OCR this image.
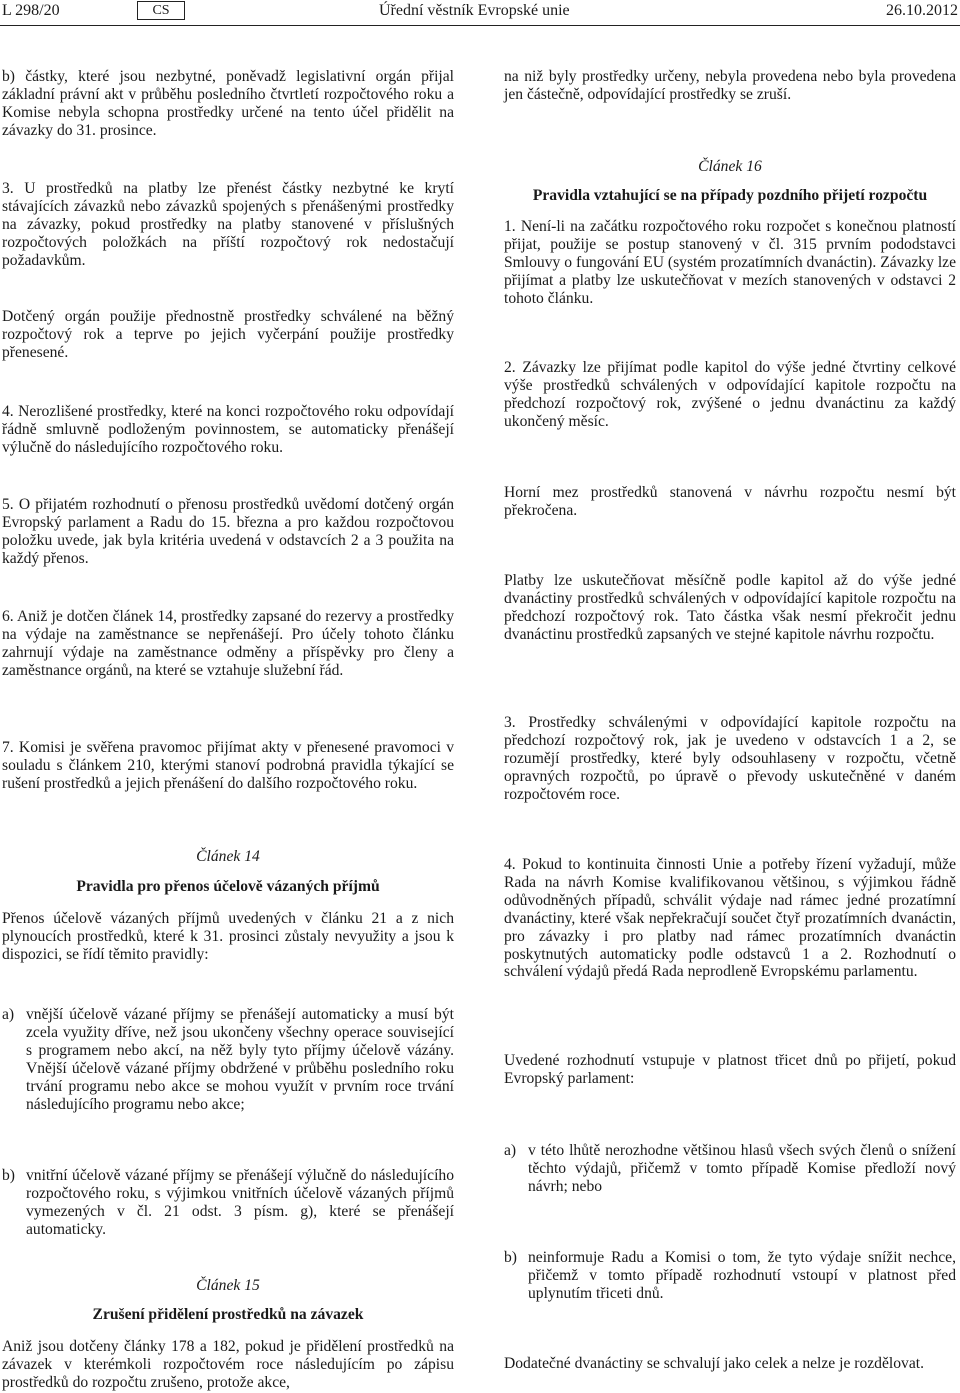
L 298/20	CS	Úřední věstník Evropské unie	26.10.2012

b) částky, které jsou nezbytné, poněvadž legislativní orgán přijal základní právní akt v průběhu posledního čtvrtletí rozpočtového roku a Komise nebyla schopna prostředky určené na tento účel přidělit na závazky do 31. prosince.

3. U prostředků na platby lze přenést částky nezbytné ke krytí stávajících závazků nebo závazků spojených s přenášenými prostředky na závazky, pokud prostředky na platby stanovené v příslušných rozpočtových položkách na příští rozpočtový rok nedostačují požadavkům.

Dotčený orgán použije přednostně prostředky schválené na běžný rozpočtový rok a teprve po jejich vyčerpání použije prostředky přenesené.

4. Nerozlišené prostředky, které na konci rozpočtového roku odpovídají řádně smluvně podloženým povinnostem, se automaticky přenášejí výlučně do následujícího rozpočtového roku.

5. O přijatém rozhodnutí o přenosu prostředků uvědomí dotčený orgán Evropský parlament a Radu do 15. března a pro každou rozpočtovou položku uvede, jak byla kritéria uvedená v odstavcích 2 a 3 použita na každý přenos.

6. Aniž je dotčen článek 14, prostředky zapsané do rezervy a prostředky na výdaje na zaměstnance se nepřenášejí. Pro účely tohoto článku zahrnují výdaje na zaměstnance odměny a příspěvky pro členy a zaměstnance orgánů, na které se vztahuje služební řád.

7. Komisi je svěřena pravomoc přijímat akty v přenesené pravomoci v souladu s článkem 210, kterými stanoví podrobná pravidla týkající se rušení prostředků a jejich přenášení do dalšího rozpočtového roku.

Článek 14
Pravidla pro přenos účelově vázaných příjmů

Přenos účelově vázaných příjmů uvedených v článku 21 a z nich plynoucích prostředků, které k 31. prosinci zůstaly nevyužity a jsou k dispozici, se řídí těmito pravidly:

a) vnější účelově vázané příjmy se přenášejí automaticky a musí být zcela využity dříve, než jsou ukončeny všechny operace související s programem nebo akcí, na něž byly tyto příjmy účelově vázány. Vnější účelově vázané příjmy obdržené v průběhu posledního roku trvání programu nebo akce se mohou využít v prvním roce trvání následujícího programu nebo akce;
b) vnitřní účelově vázané příjmy se přenášejí výlučně do následujícího rozpočtového roku, s výjimkou vnitřních účelově vázaných příjmů vymezených v čl. 21 odst. 3 písm. g), které se přenášejí automaticky.
Článek 15
Zrušení přidělení prostředků na závazek

Aniž jsou dotčeny články 178 a 182, pokud je přidělení prostředků na závazek v kterémkoli rozpočtovém roce následujícím po zápisu prostředků do rozpočtu zrušeno, protože akce,

na niž byly prostředky určeny, nebyla provedena nebo byla provedena jen částečně, odpovídající prostředky se zruší.

Článek 16
Pravidla vztahující se na případy pozdního přijetí rozpočtu

1. Není-li na začátku rozpočtového roku rozpočet s konečnou platností přijat, použije se postup stanovený v čl. 315 prvním pododstavci Smlouvy o fungování EU (systém prozatímních dvanáctin). Závazky lze přijímat a platby lze uskutečňovat v mezích stanovených v odstavci 2 tohoto článku.

2. Závazky lze přijímat podle kapitol do výše jedné čtvrtiny celkové výše prostředků schválených v odpovídající kapitole rozpočtu na předchozí rozpočtový rok, zvýšené o jednu dvanáctinu za každý ukončený měsíc.

Horní mez prostředků stanovená v návrhu rozpočtu nesmí být překročena.

Platby lze uskutečňovat měsíčně podle kapitol až do výše jedné dvanáctiny prostředků schválených v odpovídající kapitole rozpočtu na předchozí rozpočtový rok. Tato částka však nesmí překročit jednu dvanáctinu prostředků zapsaných ve stejné kapitole návrhu rozpočtu.

3. Prostředky schválenými v odpovídající kapitole rozpočtu na předchozí rozpočtový rok, jak je uvedeno v odstavcích 1 a 2, se rozumějí prostředky, které byly odsouhlaseny v rozpočtu, včetně opravných rozpočtů, po úpravě o převody uskutečněné v daném rozpočtovém roce.

4. Pokud to kontinuita činnosti Unie a potřeby řízení vyžadují, může Rada na návrh Komise kvalifikovanou většinou, s výjimkou řádně odůvodněných případů, schválit výdaje nad rámec jedné prozatímní dvanáctiny, které však nepřekračují součet čtyř prozatímních dvanáctin, pro závazky i pro platby nad rámec prozatímních dvanáctin poskytnutých automaticky podle odstavců 1 a 2. Rozhodnutí o schválení výdajů předá Rada neprodleně Evropskému parlamentu.

Uvedené rozhodnutí vstupuje v platnost třicet dnů po přijetí, pokud Evropský parlament:

a) v této lhůtě nerozhodne většinou hlasů všech svých členů o snížení těchto výdajů, přičemž v tomto případě Komise předloží nový návrh; nebo
b) neinformuje Radu a Komisi o tom, že tyto výdaje snížit nechce, přičemž v tomto případě rozhodnutí vstoupí v platnost před uplynutím třiceti dnů.

Dodatečné dvanáctiny se schvalují jako celek a nelze je rozdělovat.
